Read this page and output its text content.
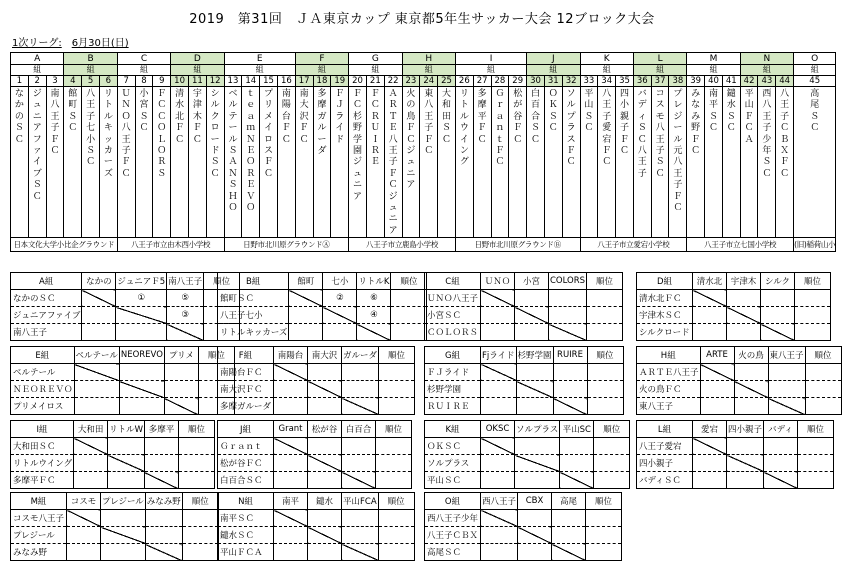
2019　第31回　ＪＡ東京カップ 東京都5年生サッカー大会 12ブロック大会
1次リーグ: 6月30日(日)
A			B			C			D			E				F			G			H			I				J			K			L			M			N			O
組			組			組			組			組				組			組			組			組				組			組			組			組			組			組
1	2	3	4	5	6	7	8	9	10	11	12	13	14	15	16	17	18	19	20	21	22	23	24	25	26	27	28	29	30	31	32	33	34	35	36	37	38	39	40	41	42	43	44	45

なかのＳＣ	ジュニアファイブＳＣ	南八王子ＦＣ	館町ＳＣ	八王子七小ＳＣ	リトルキッカーズ	ＵＮＯ八王子ＦＣ	小宮ＳＣ	ＦＣ　ＣＯＬＯＲＳ	清水北ＦＣ	宇津木ＦＣ	シルクロードＳＣ	ベルテールＳＡＮＳＨＯ	ｔｅａｍ　ＮＥＯ　ＲＥＶＯ	プリメイロスＦＣ	南陽台ＦＣ	南大沢ＦＣ	多摩ガルーダ	ＦＪライド	ＦＣ杉野学園ジュニア	ＦＣ　ＲＵＩＲＥ	ＡＲＴＥ八王子ＦＣジュニア	火の鳥ＦＣジュニア	東八王子ＦＣ	大和田ＳＣ	リトルウイング	多摩平ＦＣ	Ｇｒａｎｔ　ＦＣ	松が谷ＦＣ	白百合ＳＣ	ＯＫＳＣ	ソルプラスＦＣ	平山ＳＣ	八王子愛宕ＦＣ	四小親子ＦＣ	バディＳＣ八王子	コスモ八王子ＳＣ	プレジール元八王子ＦＣ	みなみ野ＦＣ	南平ＳＣ	鑓水ＳＣ	平山ＦＣＡ	西八王子少年ＳＣ	八王子ＣＢＸＦＣ	高尾ＳＣ

日本文化大学小比企グラウンド						八王子市立由木西小学校						日野市北川原グラウンドⒶ							八王子市立鹿島小学校						日野市北川原グラウンドⒷ							八王子市立愛宕小学校						八王子市立七国小学校						(旧)稲荷山小
A組	なかの	ジュニアＦ5	南八王子	順位
なかのＳＣ		①	⑤	
ジュニアファイブ			③	
南八王子				
B組	館町	七小	リトルK	順位
館町ＳＣ		②	⑥	
八王子七小			④	
リトルキッカーズ				
C組	ＵＮＯ	小宮	COLORS	順位
ＵＮＯ八王子				
小宮ＳＣ				
ＣＯＬＯＲＳ				
D組	清水北	宇津木	シルク	順位
清水北ＦＣ				
宇津木ＳＣ				
シルクロード				
E組	ベルテール	NEOREVO	プリメ	順位
ベルテール				
ＮＥＯＲＥＶＯ				
プリメイロス				
F組	南陽台	南大沢	ガルーダ	順位
南陽台ＦＣ				
南大沢ＦＣ				
多摩ガルーダ				
G組	Fjライド	杉野学園	RUIRE	順位
ＦＪライド				
杉野学園				
ＲＵＩＲＥ				
H組	ARTE	火の鳥	東八王子	順位
ＡＲＴＥ八王子				
火の鳥ＦＣ				
東八王子				
I組	大和田	リトルW	多摩平	順位
大和田ＳＣ				
リトルウイング				
多摩平ＦＣ				
J組	Grant	松が谷	白百合	順位
Ｇｒａｎｔ				
松が谷ＦＣ				
白百合ＳＣ				
K組	OKSC	ソルプラス	平山SC	順位
ＯＫＳＣ				
ソルプラス				
平山ＳＣ				
L組	愛宕	四小親子	バディ	順位
八王子愛宕				
四小親子				
バディＳＣ				
M組	コスモ	プレジール	みなみ野	順位
コスモ八王子				
プレジール				
みなみ野				
N組	南平	鑓水	平山FCA	順位
南平ＳＣ				
鑓水ＳＣ				
平山ＦＣＡ				
O組	西八王子	CBX	高尾	順位
西八王子少年				
八王子ＣＢＸ				
高尾ＳＣ				
